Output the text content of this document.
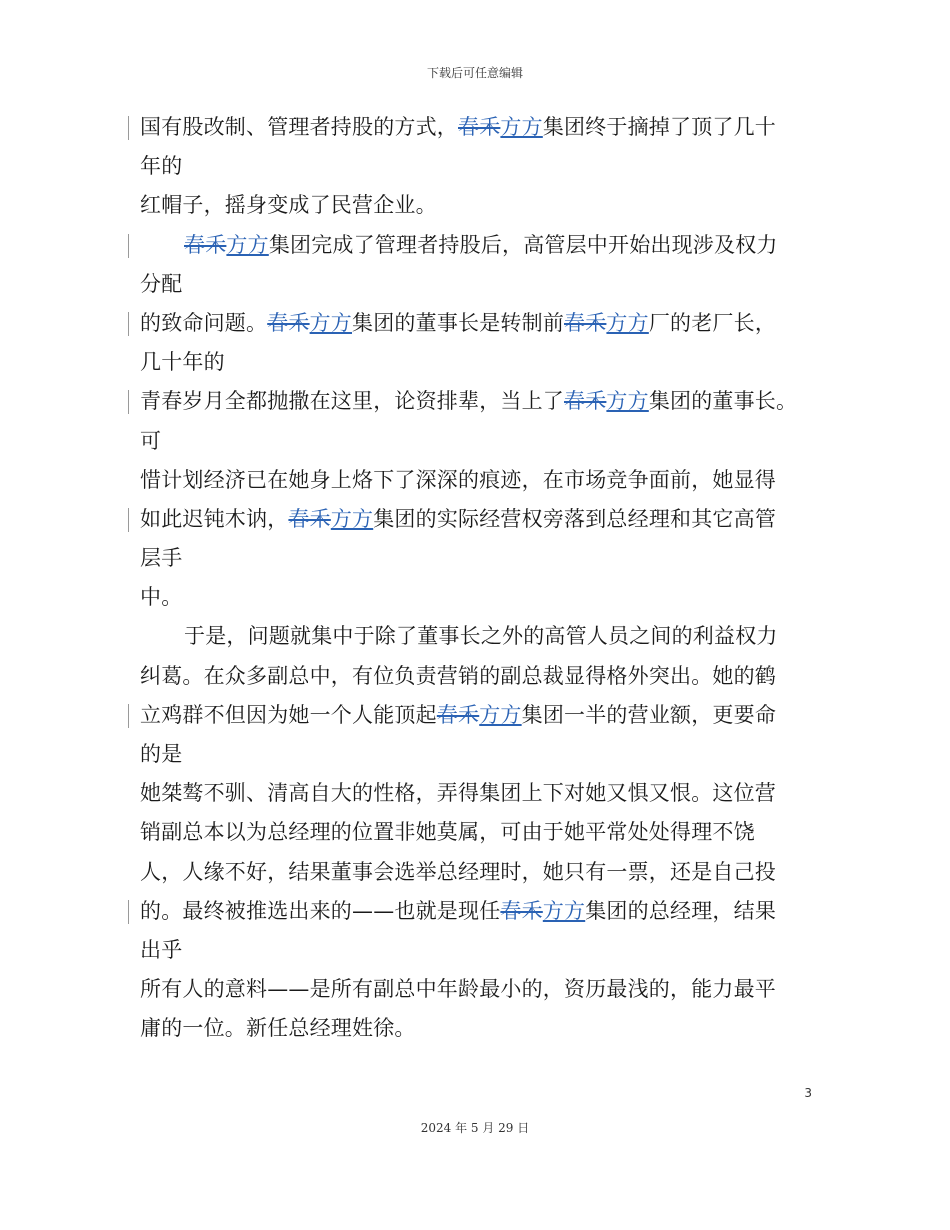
下载后可任意编辑
国有股改制、管理者持股的方式，春禾方方集团终于摘掉了顶了几十
年的
红帽子，摇身变成了民营企业。
春禾方方集团完成了管理者持股后，高管层中开始出现涉及权力
分配
的致命问题。春禾方方集团的董事长是转制前春禾方方厂的老厂长，
几十年的
青春岁月全都抛撒在这里，论资排辈，当上了春禾方方集团的董事长。
可
惜计划经济已在她身上烙下了深深的痕迹，在市场竞争面前，她显得
如此迟钝木讷，春禾方方集团的实际经营权旁落到总经理和其它高管
层手
中。
于是，问题就集中于除了董事长之外的高管人员之间的利益权力
纠葛。在众多副总中，有位负责营销的副总裁显得格外突出。她的鹤
立鸡群不但因为她一个人能顶起春禾方方集团一半的营业额，更要命
的是
她桀骜不驯、清高自大的性格，弄得集团上下对她又惧又恨。这位营
销副总本以为总经理的位置非她莫属，可由于她平常处处得理不饶
人，人缘不好，结果董事会选举总经理时，她只有一票，还是自己投
的。最终被推选出来的——也就是现任春禾方方集团的总经理，结果
出乎
所有人的意料——是所有副总中年龄最小的，资历最浅的，能力最平
庸的一位。新任总经理姓徐。
3
2024 年 5 月 29 日
